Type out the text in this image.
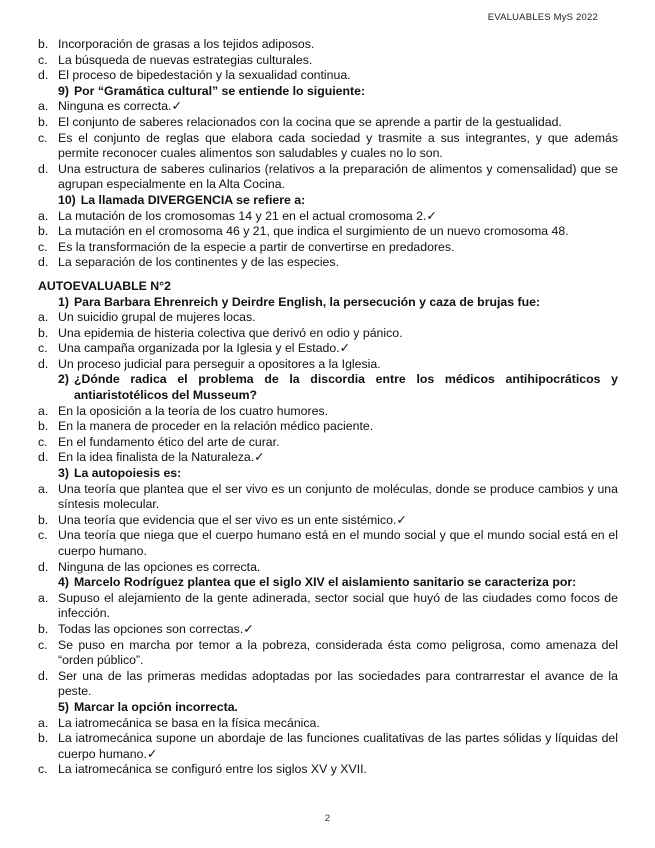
EVALUABLES MyS 2022
b. Incorporación de grasas a los tejidos adiposos.
c. La búsqueda de nuevas estrategias culturales.
d. El proceso de bipedestación y la sexualidad continua.
9) Por “Gramática cultural” se entiende lo siguiente:
a. Ninguna es correcta.✓
b. El conjunto de saberes relacionados con la cocina que se aprende a partir de la gestualidad.
c. Es el conjunto de reglas que elabora cada sociedad y trasmite a sus integrantes, y que además permite reconocer cuales alimentos son saludables y cuales no lo son.
d. Una estructura de saberes culinarios (relativos a la preparación de alimentos y comensalidad) que se agrupan especialmente en la Alta Cocina.
10) La llamada DIVERGENCIA se refiere a:
a. La mutación de los cromosomas 14 y 21 en el actual cromosoma 2.✓
b. La mutación en el cromosoma 46 y 21, que indica el surgimiento de un nuevo cromosoma 48.
c. Es la transformación de la especie a partir de convertirse en predadores.
d. La separación de los continentes y de las especies.
AUTOEVALUABLE N°2
1) Para Barbara Ehrenreich y Deirdre English, la persecución y caza de brujas fue:
a. Un suicidio grupal de mujeres locas.
b. Una epidemia de histeria colectiva que derivó en odio y pánico.
c. Una campaña organizada por la Iglesia y el Estado.✓
d. Un proceso judicial para perseguir a opositores a la Iglesia.
2) ¿Dónde radica el problema de la discordia entre los médicos antihipocráticos y antiaristotélicos del Musseum?
a. En la oposición a la teoría de los cuatro humores.
b. En la manera de proceder en la relación médico paciente.
c. En el fundamento ético del arte de curar.
d. En la idea finalista de la Naturaleza.✓
3) La autopoiesis es:
a. Una teoría que plantea que el ser vivo es un conjunto de moléculas, donde se produce cambios y una síntesis molecular.
b. Una teoría que evidencia que el ser vivo es un ente sistémico.✓
c. Una teoría que niega que el cuerpo humano está en el mundo social y que el mundo social está en el cuerpo humano.
d. Ninguna de las opciones es correcta.
4) Marcelo Rodríguez plantea que el siglo XIV el aislamiento sanitario se caracteriza por:
a. Supuso el alejamiento de la gente adinerada, sector social que huyó de las ciudades como focos de infección.
b. Todas las opciones son correctas.✓
c. Se puso en marcha por temor a la pobreza, considerada ésta como peligrosa, como amenaza del “orden público”.
d. Ser una de las primeras medidas adoptadas por las sociedades para contrarrestar el avance de la peste.
5) Marcar la opción incorrecta.
a. La iatromecánica se basa en la física mecánica.
b. La iatromecánica supone un abordaje de las funciones cualitativas de las partes sólidas y líquidas del cuerpo humano.✓
c. La iatromecánica se configuró entre los siglos XV y XVII.
2
